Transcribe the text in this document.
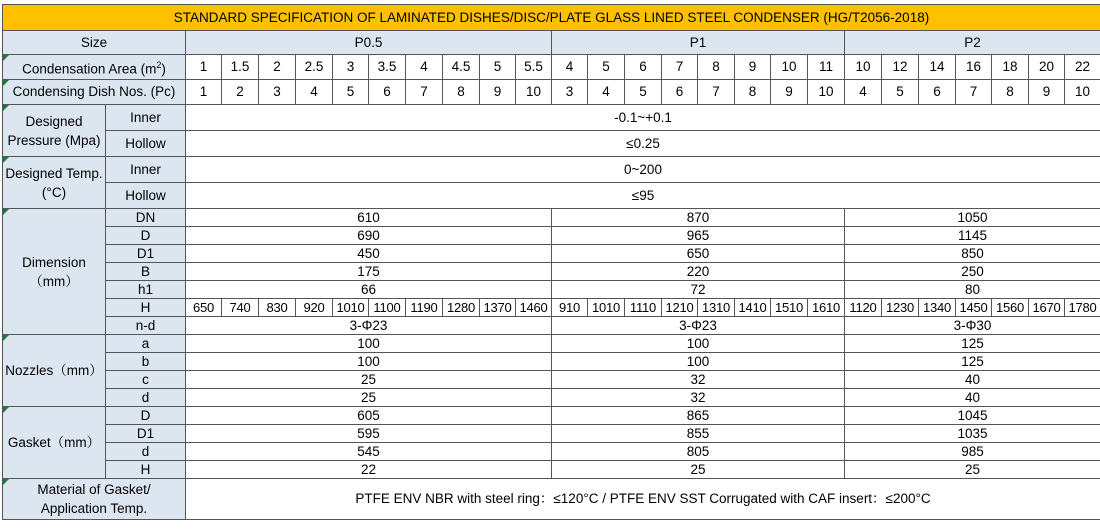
STANDARD SPECIFICATION OF LAMINATED DISHES/DISC/PLATE GLASS LINED STEEL CONDENSER (HG/T2056-2018)																										
Size		P0.5										P1								P2						
Condensation Area $(m^2)$		1	1.5	2	2.5	3	3.5	4	4.5	5	5.5	4	5	6	7	8	9	10	11	10	12	14	16	18	20	22
Condensing Dish Nos. (Pc)		1	2	3	4	5	6	7	8	9	10	3	4	5	6	7	8	9	10	4	5	6	7	8	9	10
Designed Pressure (Mpa)	Inner	-0.1~+0.1																								
	Hollow	≤0.25																								
Designed Temp.(°C)	Inner	0~200																								
	Hollow	≤95																								
Dimension
（mm）	DN	610										870								1050						
	D	690										965								1145						
	D1	450										650								850						
	B	175										220								250						
	h1	66										72								80						
	H	650	740	830	920	1010	1100	1190	1280	1370	1460	910	1010	1110	1210	1310	1410	1510	1610	1120	1230	1340	1450	1560	1670	1780
	n-d	3-Φ23										3-Φ23								3-Φ30						
Nozzles（mm）	a	100										100								125						
	b	100										100								125						
	c	25										32								40						
	d	25										32								40						
Gasket（mm）	D	605										865								1045						
	D1	595										855								1035						
	d	545										805								985						
	H	22										25								25						
Material of Gasket/ Application Temp.		PTFE ENV NBR with steel ring：≤120°C / PTFE ENV SST Corrugated with CAF insert：≤200°C																								
